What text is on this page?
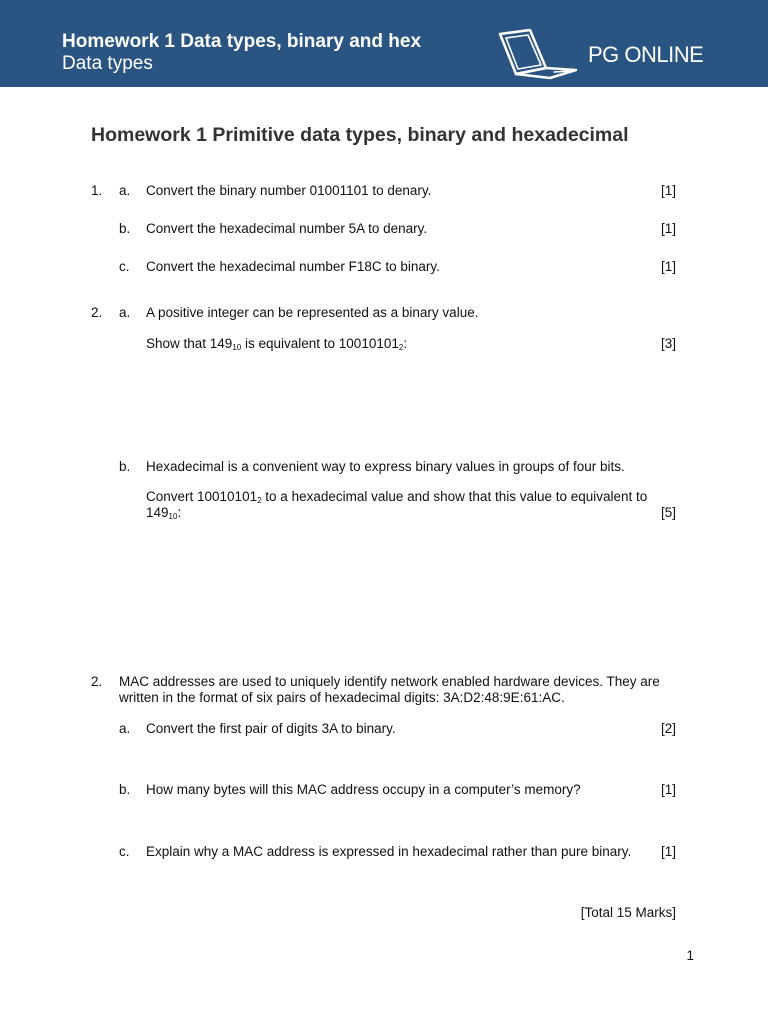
Homework 1 Data types, binary and hex
Data types	PG ONLINE
Homework 1 Primitive data types, binary and hexadecimal
1. a. Convert the binary number 01001101 to denary.	[1]
b. Convert the hexadecimal number 5A to denary.	[1]
c. Convert the hexadecimal number F18C to binary.	[1]
2. a. A positive integer can be represented as a binary value.
Show that $149_{10}$ is equivalent to $10010101_2$:	[3]
b. Hexadecimal is a convenient way to express binary values in groups of four bits.
Convert $10010101_2$ to a hexadecimal value and show that this value to equivalent to
$149_{10}$:	[5]
2. MAC addresses are used to uniquely identify network enabled hardware devices. They are written in the format of six pairs of hexadecimal digits: 3A:D2:48:9E:61:AC.
a. Convert the first pair of digits 3A to binary.	[2]
b. How many bytes will this MAC address occupy in a computer’s memory?	[1]
c. Explain why a MAC address is expressed in hexadecimal rather than pure binary. [1]
[Total 15 Marks]
1
